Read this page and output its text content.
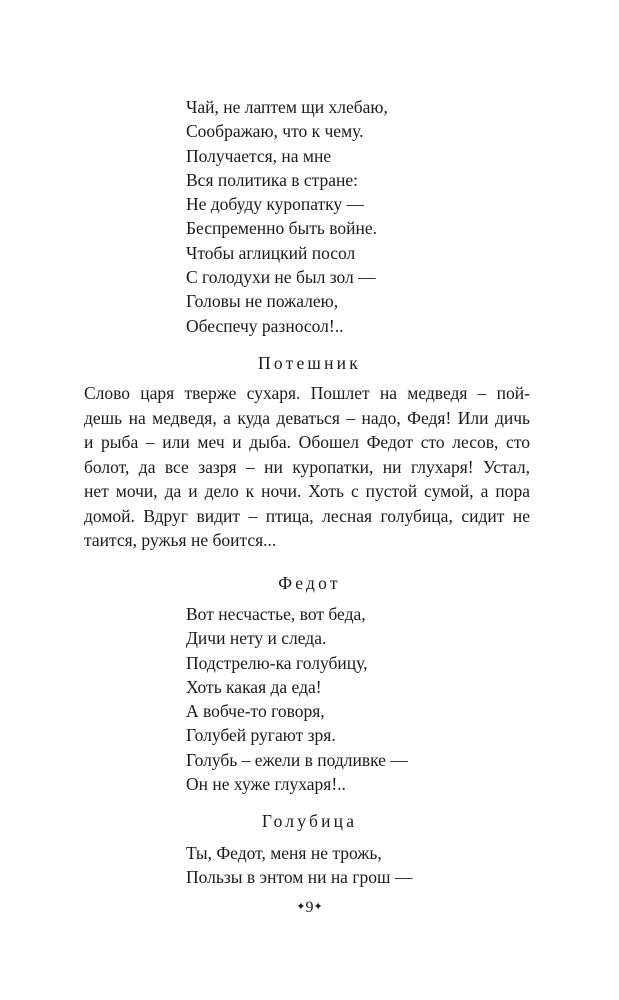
Чай, не лаптем щи хлебаю,
Соображаю, что к чему.
Получается, на мне
Вся политика в стране:
Не добуду куропатку —
Беспременно быть войне.
Чтобы аглицкий посол
С голодухи не был зол —
Головы не пожалею,
Обеспечу разносол!..
Потешник

Слово царя тверже сухаря. Пошлет на медведя – пой-
дешь на медведя, а куда деваться – надо, Федя! Или дичь
и рыба – или меч и дыба. Обошел Федот сто лесов, сто
болот, да все зазря – ни куропатки, ни глухаря! Устал,
нет мочи, да и дело к ночи. Хоть с пустой сумой, а пора
домой. Вдруг видит – птица, лесная голубица, сидит не
таится, ружья не боится...

Федот
Вот несчастье, вот беда,
Дичи нету и следа.
Подстрелю-ка голубицу,
Хоть какая да еда!
А вобче-то говоря,
Голубей ругают зря.
Голубь – ежели в подливке —
Он не хуже глухаря!..
Голубица
Ты, Федот, меня не трожь,
Пользы в энтом ни на грош —
✦9✦
